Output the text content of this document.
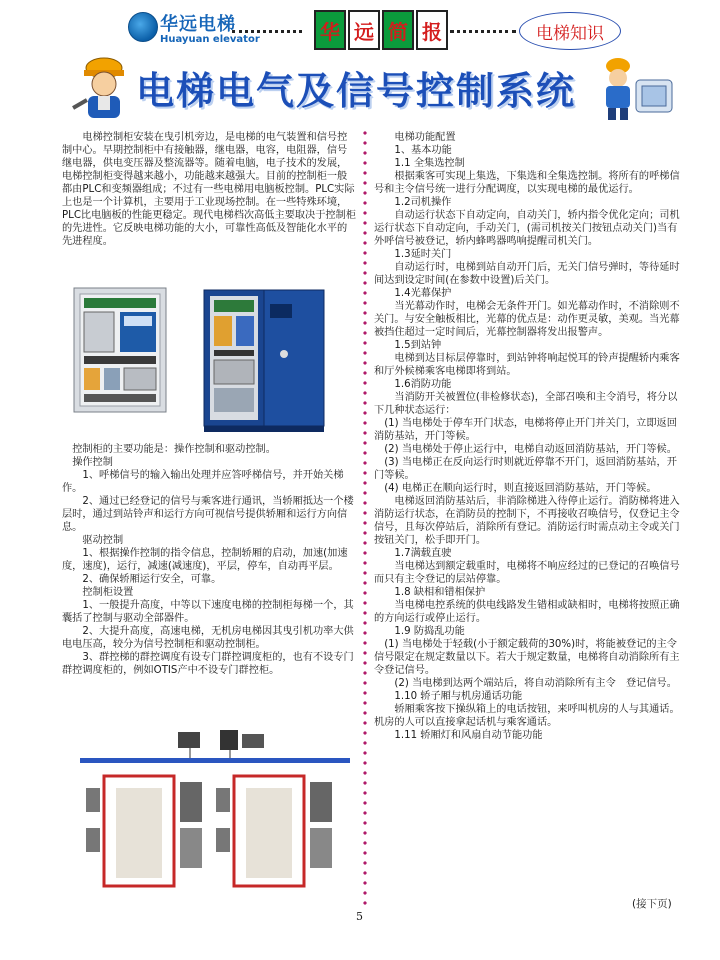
华远电梯
Huayuan elevator	华 远 简 报	电梯知识
电梯电气及信号控制系统

电梯控制柜安装在曳引机旁边，是电梯的电气装置和信号控制中心。早期控制柜中有接触器，继电器，电容，电阻器，信号继电器，供电变压器及整流器等。随着电脑，电子技术的发展，电梯控制柜变得越来越小，功能越来越强大。目前的控制柜一般都由PLC和变频器组成；不过有一些电梯用电脑板控制。PLC实际上也是一个计算机，主要用于工业现场控制。在一些特殊环境，PLC比电脑板的性能更稳定。现代电梯档次高低主要取决于控制柜的先进性。它反映电梯功能的大小，可靠性高低及智能化水平的先进程度。

控制柜的主要功能是：操作控制和驱动控制。

操作控制

1、呼梯信号的输入输出处理并应答呼梯信号，并开始关梯作。

2、通过已经登记的信号与乘客进行通讯，当轿厢抵达一个楼层时，通过到站铃声和运行方向可视信号提供轿厢和运行方向信息。

驱动控制

1、根据操作控制的指令信息，控制轿厢的启动，加速(加速度，速度)，运行，减速(减速度)，平层，停车，自动再平层。

2、确保轿厢运行安全，可靠。

控制柜设置

1、一般提升高度，中等以下速度电梯的控制柜每梯一个，其囊括了控制与驱动全部器件。

2、大提升高度，高速电梯，无机房电梯因其曳引机功率大供电电压高，较分为信号控制柜和驱动控制柜。

3、群控梯的群控调度有设专门群控调度柜的，也有不设专门群控调度柜的，例如OTIS产中不设专门群控柜。

电梯功能配置

1、基本功能

1.1 全集选控制

根据乘客可实现上集选，下集选和全集选控制。将所有的呼梯信号和主令信号统一进行分配调度，以实现电梯的最优运行。

1.2司机操作

自动运行状态下自动定向，自动关门，轿内指令优化定向；司机运行状态下自动定向，手动关门，(需司机按关门按钮点动关门)当有外呼信号被登记，轿内蜂鸣器鸣响提醒司机关门。

1.3延时关门

自动运行时，电梯到站自动开门后，无关门信号弹时，等待延时间达到设定时间(在参数中设置)后关门。

1.4光幕保护

当光幕动作时，电梯会无条件开门。如光幕动作时，不消除则不关门。与安全触板相比，光幕的优点是：动作更灵敏，美观。当光幕被挡住超过一定时间后，光幕控制器将发出报警声。

1.5到站钟

电梯到达目标层停靠时，到站钟将响起悦耳的铃声提醒轿内乘客和厅外候梯乘客电梯即将到站。

1.6消防功能

当消防开关被置位(非检修状态)，全部召唤和主令消号，将分以下几种状态运行：

(1) 当电梯处于停车开门状态，电梯将停止开门并关门，立即返回消防基站，开门等候。

(2) 当电梯处于停止运行中，电梯自动返回消防基站，开门等候。

(3) 当电梯正在反向运行时则就近停靠不开门，返回消防基站，开门等候。

(4) 电梯正在顺向运行时，则直接返回消防基站，开门等候。

电梯返回消防基站后，非消除梯进入待停止运行。消防梯将进入消防运行状态，在消防员的控制下，不再接收召唤信号，仅登记主令信号，且每次停站后，消除所有登记。消防运行时需点动主令或关门按钮关门，松手即开门。

1.7满载直驶

当电梯达到额定载重时，电梯将不响应经过的已登记的召唤信号而只有主令登记的层站停靠。

1.8 缺相和错相保护

当电梯电控系统的供电线路发生错相或缺相时，电梯将按照正确的方向运行或停止运行。

1.9 防捣乱功能

(1) 当电梯处于轻载(小于额定载荷的30%)时，将能被登记的主令信号限定在规定数量以下。若大于规定数量，电梯将自动消除所有主令登记信号。

(2) 当电梯到达两个端站后，将自动消除所有主令　登记信号。

1.10 轿子厢与机房通话功能

轿厢乘客按下操纵箱上的电话按钮，来呼叫机房的人与其通话。机房的人可以直接拿起话机与乘客通话。

1.11 轿厢灯和风扇自动节能功能

(接下页)
5
